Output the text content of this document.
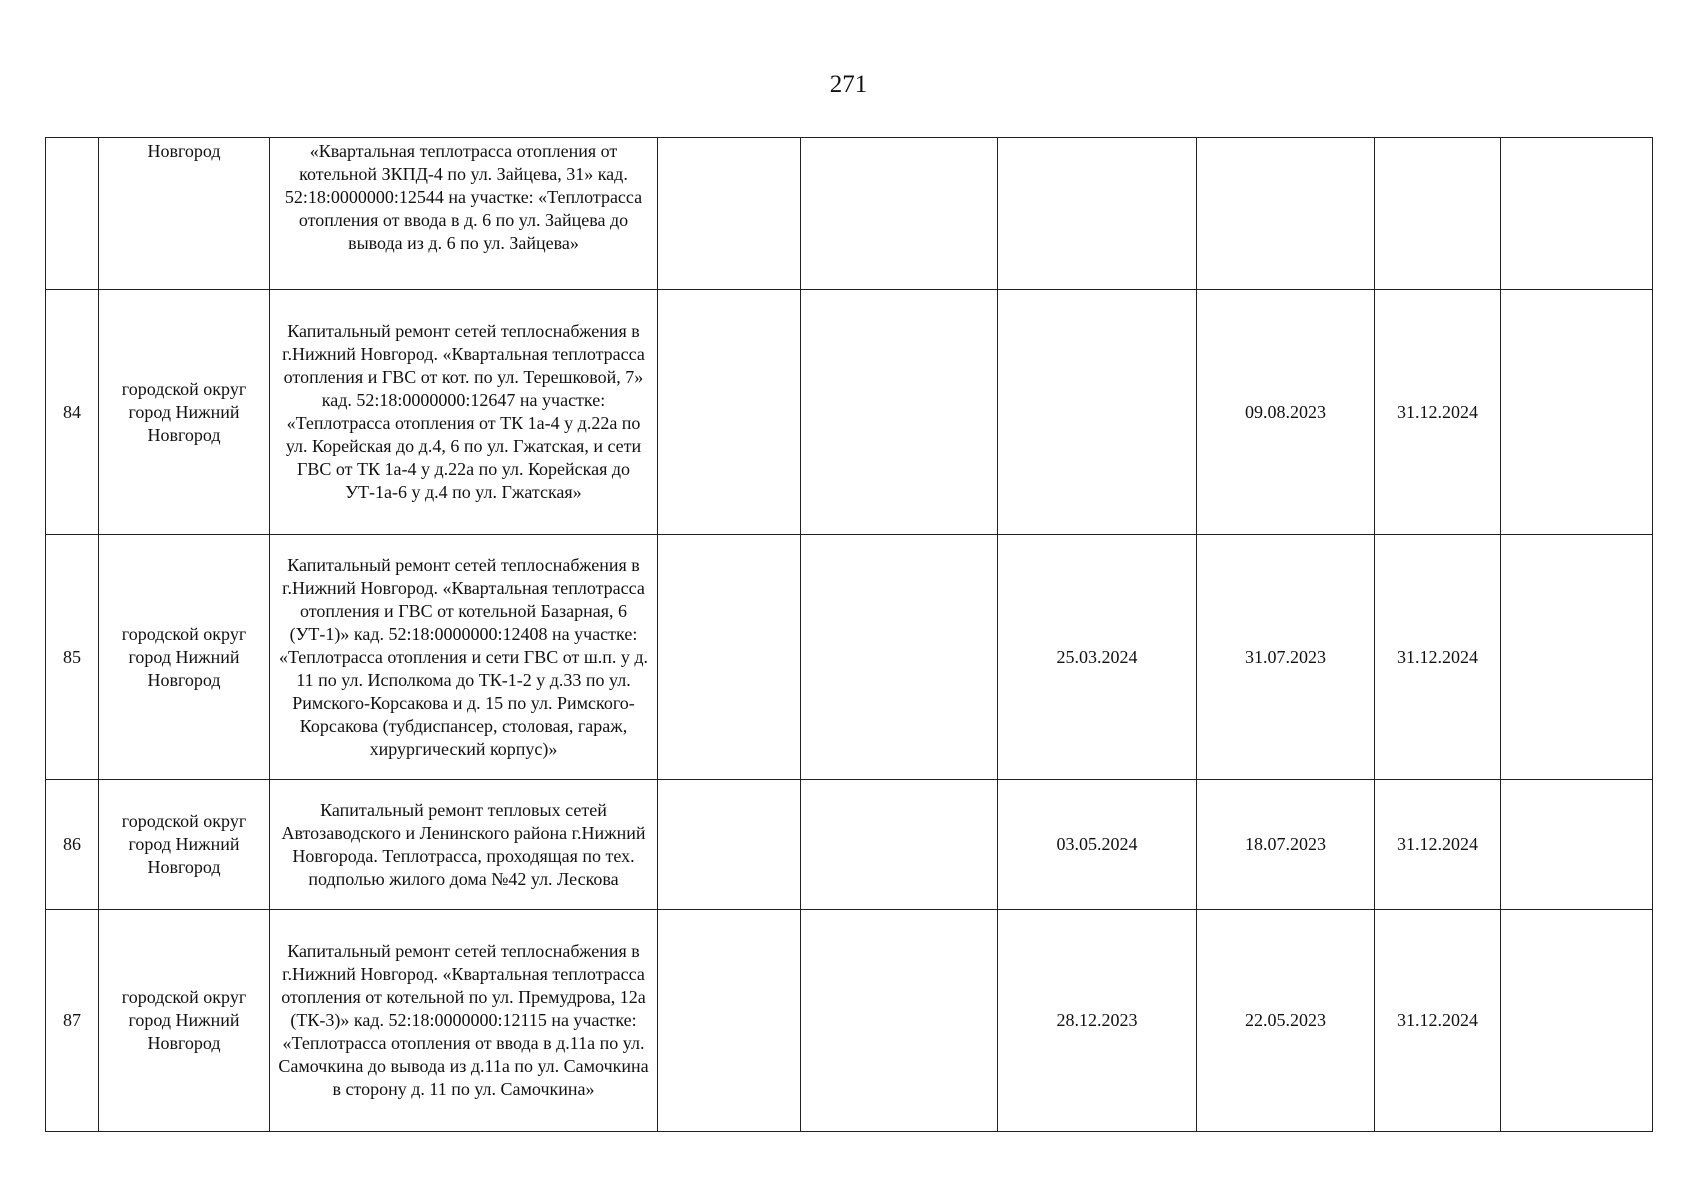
271
	Новгород	«Квартальная теплотрасса отопления от котельной ЗКПД-4 по ул. Зайцева, 31» кад. 52:18:0000000:12544 на участке: «Теплотрасса отопления от ввода в д. 6 по ул. Зайцева до вывода из д. 6 по ул. Зайцева»						
84	городской округ город Нижний Новгород	Капитальный ремонт сетей теплоснабжения в г.Нижний Новгород. «Квартальная теплотрасса отопления и ГВС от кот. по ул. Терешковой, 7» кад. 52:18:0000000:12647 на участке: «Теплотрасса отопления от ТК 1а-4 у д.22а по ул. Корейская до д.4, 6 по ул. Гжатская, и сети ГВС от ТК 1а-4 у д.22а по ул. Корейская до УТ-1а-6 у д.4 по ул. Гжатская»				09.08.2023	31.12.2024	
85	городской округ город Нижний Новгород	Капитальный ремонт сетей теплоснабжения в г.Нижний Новгород. «Квартальная теплотрасса отопления и ГВС от котельной Базарная, 6 (УТ-1)» кад. 52:18:0000000:12408 на участке: «Теплотрасса отопления и сети ГВС от ш.п. у д. 11 по ул. Исполкома до ТК-1-2 у д.33 по ул. Римского-Корсакова и д. 15 по ул. Римского-Корсакова (тубдиспансер, столовая, гараж, хирургический корпус)»			25.03.2024	31.07.2023	31.12.2024	
86	городской округ город Нижний Новгород	Капитальный ремонт тепловых сетей Автозаводского и Ленинского района г.Нижний Новгорода. Теплотрасса, проходящая по тех. подполью жилого дома №42 ул. Лескова			03.05.2024	18.07.2023	31.12.2024	
87	городской округ город Нижний Новгород	Капитальный ремонт сетей теплоснабжения в г.Нижний Новгород. «Квартальная теплотрасса отопления от котельной по ул. Премудрова, 12а (ТК-3)» кад. 52:18:0000000:12115 на участке: «Теплотрасса отопления от ввода в д.11а по ул. Самочкина до вывода из д.11а по ул. Самочкина в сторону д. 11 по ул. Самочкина»			28.12.2023	22.05.2023	31.12.2024	
